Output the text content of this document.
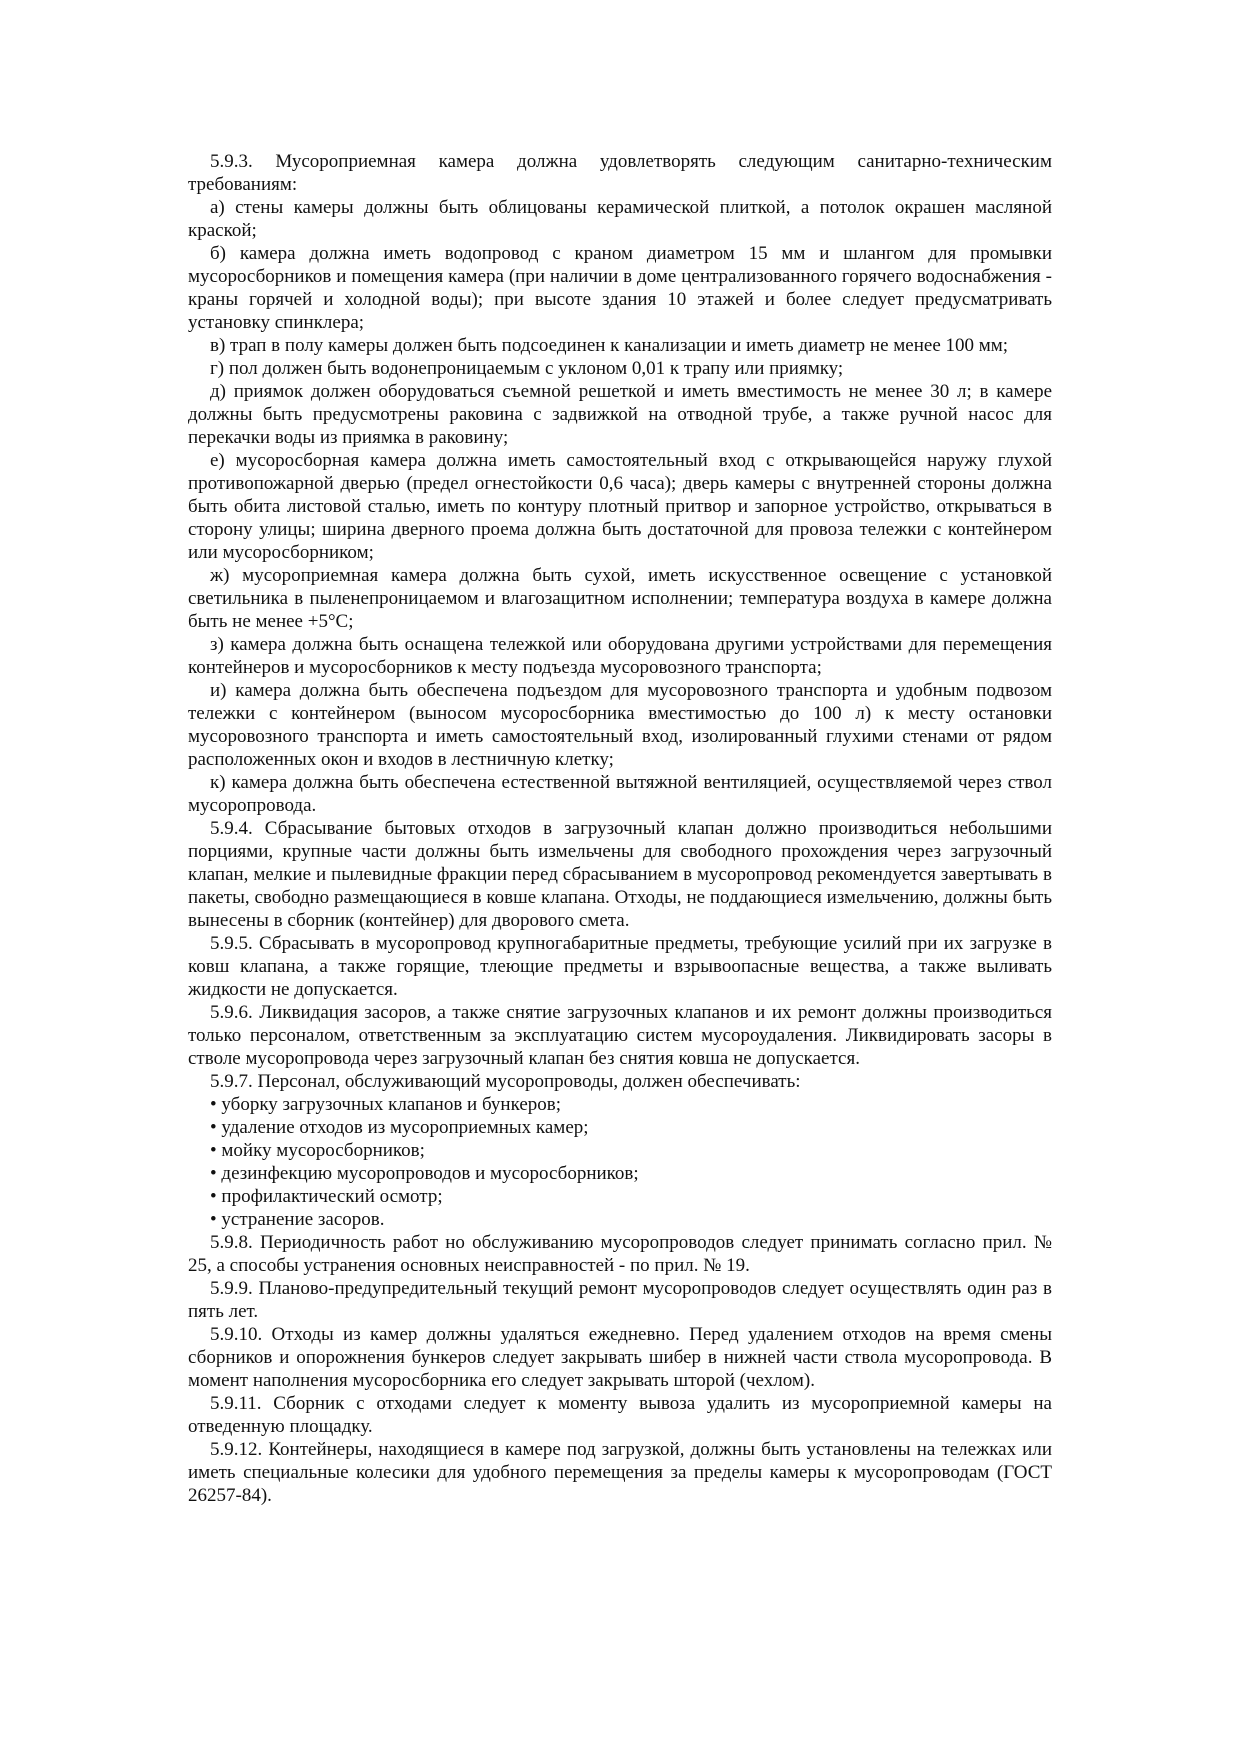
5.9.3. Мусороприемная камера должна удовлетворять следующим санитарно-техническим требованиям:

а) стены камеры должны быть облицованы керамической плиткой, а потолок окрашен масляной краской;

б) камера должна иметь водопровод с краном диаметром 15 мм и шлангом для промывки мусоросборников и помещения камера (при наличии в доме централизованного горячего водоснабжения - краны горячей и холодной воды); при высоте здания 10 этажей и более следует предусматривать установку спинклера;

в) трап в полу камеры должен быть подсоединен к канализации и иметь диаметр не менее 100 мм;

г) пол должен быть водонепроницаемым с уклоном 0,01 к трапу или приямку;

д) приямок должен оборудоваться съемной решеткой и иметь вместимость не менее 30 л; в камере должны быть предусмотрены раковина с задвижкой на отводной трубе, а также ручной насос для перекачки воды из приямка в раковину;

е) мусоросборная камера должна иметь самостоятельный вход с открывающейся наружу глухой противопожарной дверью (предел огнестойкости 0,6 часа); дверь камеры с внутренней стороны должна быть обита листовой сталью, иметь по контуру плотный притвор и запорное устройство, открываться в сторону улицы; ширина дверного проема должна быть достаточной для провоза тележки с контейнером или мусоросборником;

ж) мусороприемная камера должна быть сухой, иметь искусственное освещение с установкой светильника в пыленепроницаемом и влагозащитном исполнении; температура воздуха в камере должна быть не менее +5°С;

з) камера должна быть оснащена тележкой или оборудована другими устройствами для перемещения контейнеров и мусоросборников к месту подъезда мусоровозного транспорта;

и) камера должна быть обеспечена подъездом для мусоровозного транспорта и удобным подвозом тележки с контейнером (выносом мусоросборника вместимостью до 100 л) к месту остановки мусоровозного транспорта и иметь самостоятельный вход, изолированный глухими стенами от рядом расположенных окон и входов в лестничную клетку;

к) камера должна быть обеспечена естественной вытяжной вентиляцией, осуществляемой через ствол мусоропровода.

5.9.4. Сбрасывание бытовых отходов в загрузочный клапан должно производиться небольшими порциями, крупные части должны быть измельчены для свободного прохождения через загрузочный клапан, мелкие и пылевидные фракции перед сбрасыванием в мусоропровод рекомендуется завертывать в пакеты, свободно размещающиеся в ковше клапана. Отходы, не поддающиеся измельчению, должны быть вынесены в сборник (контейнер) для дворового смета.

5.9.5. Сбрасывать в мусоропровод крупногабаритные предметы, требующие усилий при их загрузке в ковш клапана, а также горящие, тлеющие предметы и взрывоопасные вещества, а также выливать жидкости не допускается.

5.9.6. Ликвидация засоров, а также снятие загрузочных клапанов и их ремонт должны производиться только персоналом, ответственным за эксплуатацию систем мусороудаления. Ликвидировать засоры в стволе мусоропровода через загрузочный клапан без снятия ковша не допускается.

5.9.7. Персонал, обслуживающий мусоропроводы, должен обеспечивать:

• уборку загрузочных клапанов и бункеров;

• удаление отходов из мусороприемных камер;

• мойку мусоросборников;

• дезинфекцию мусоропроводов и мусоросборников;

• профилактический осмотр;

• устранение засоров.

5.9.8. Периодичность работ но обслуживанию мусоропроводов следует принимать согласно прил. № 25, а способы устранения основных неисправностей - по прил. № 19.

5.9.9. Планово-предупредительный текущий ремонт мусоропроводов следует осуществлять один раз в пять лет.

5.9.10. Отходы из камер должны удаляться ежедневно. Перед удалением отходов на время смены сборников и опорожнения бункеров следует закрывать шибер в нижней части ствола мусоропровода. В момент наполнения мусоросборника его следует закрывать шторой (чехлом).

5.9.11. Сборник с отходами следует к моменту вывоза удалить из мусороприемной камеры на отведенную площадку.

5.9.12. Контейнеры, находящиеся в камере под загрузкой, должны быть установлены на тележках или иметь специальные колесики для удобного перемещения за пределы камеры к мусоропроводам (ГОСТ 26257-84).
